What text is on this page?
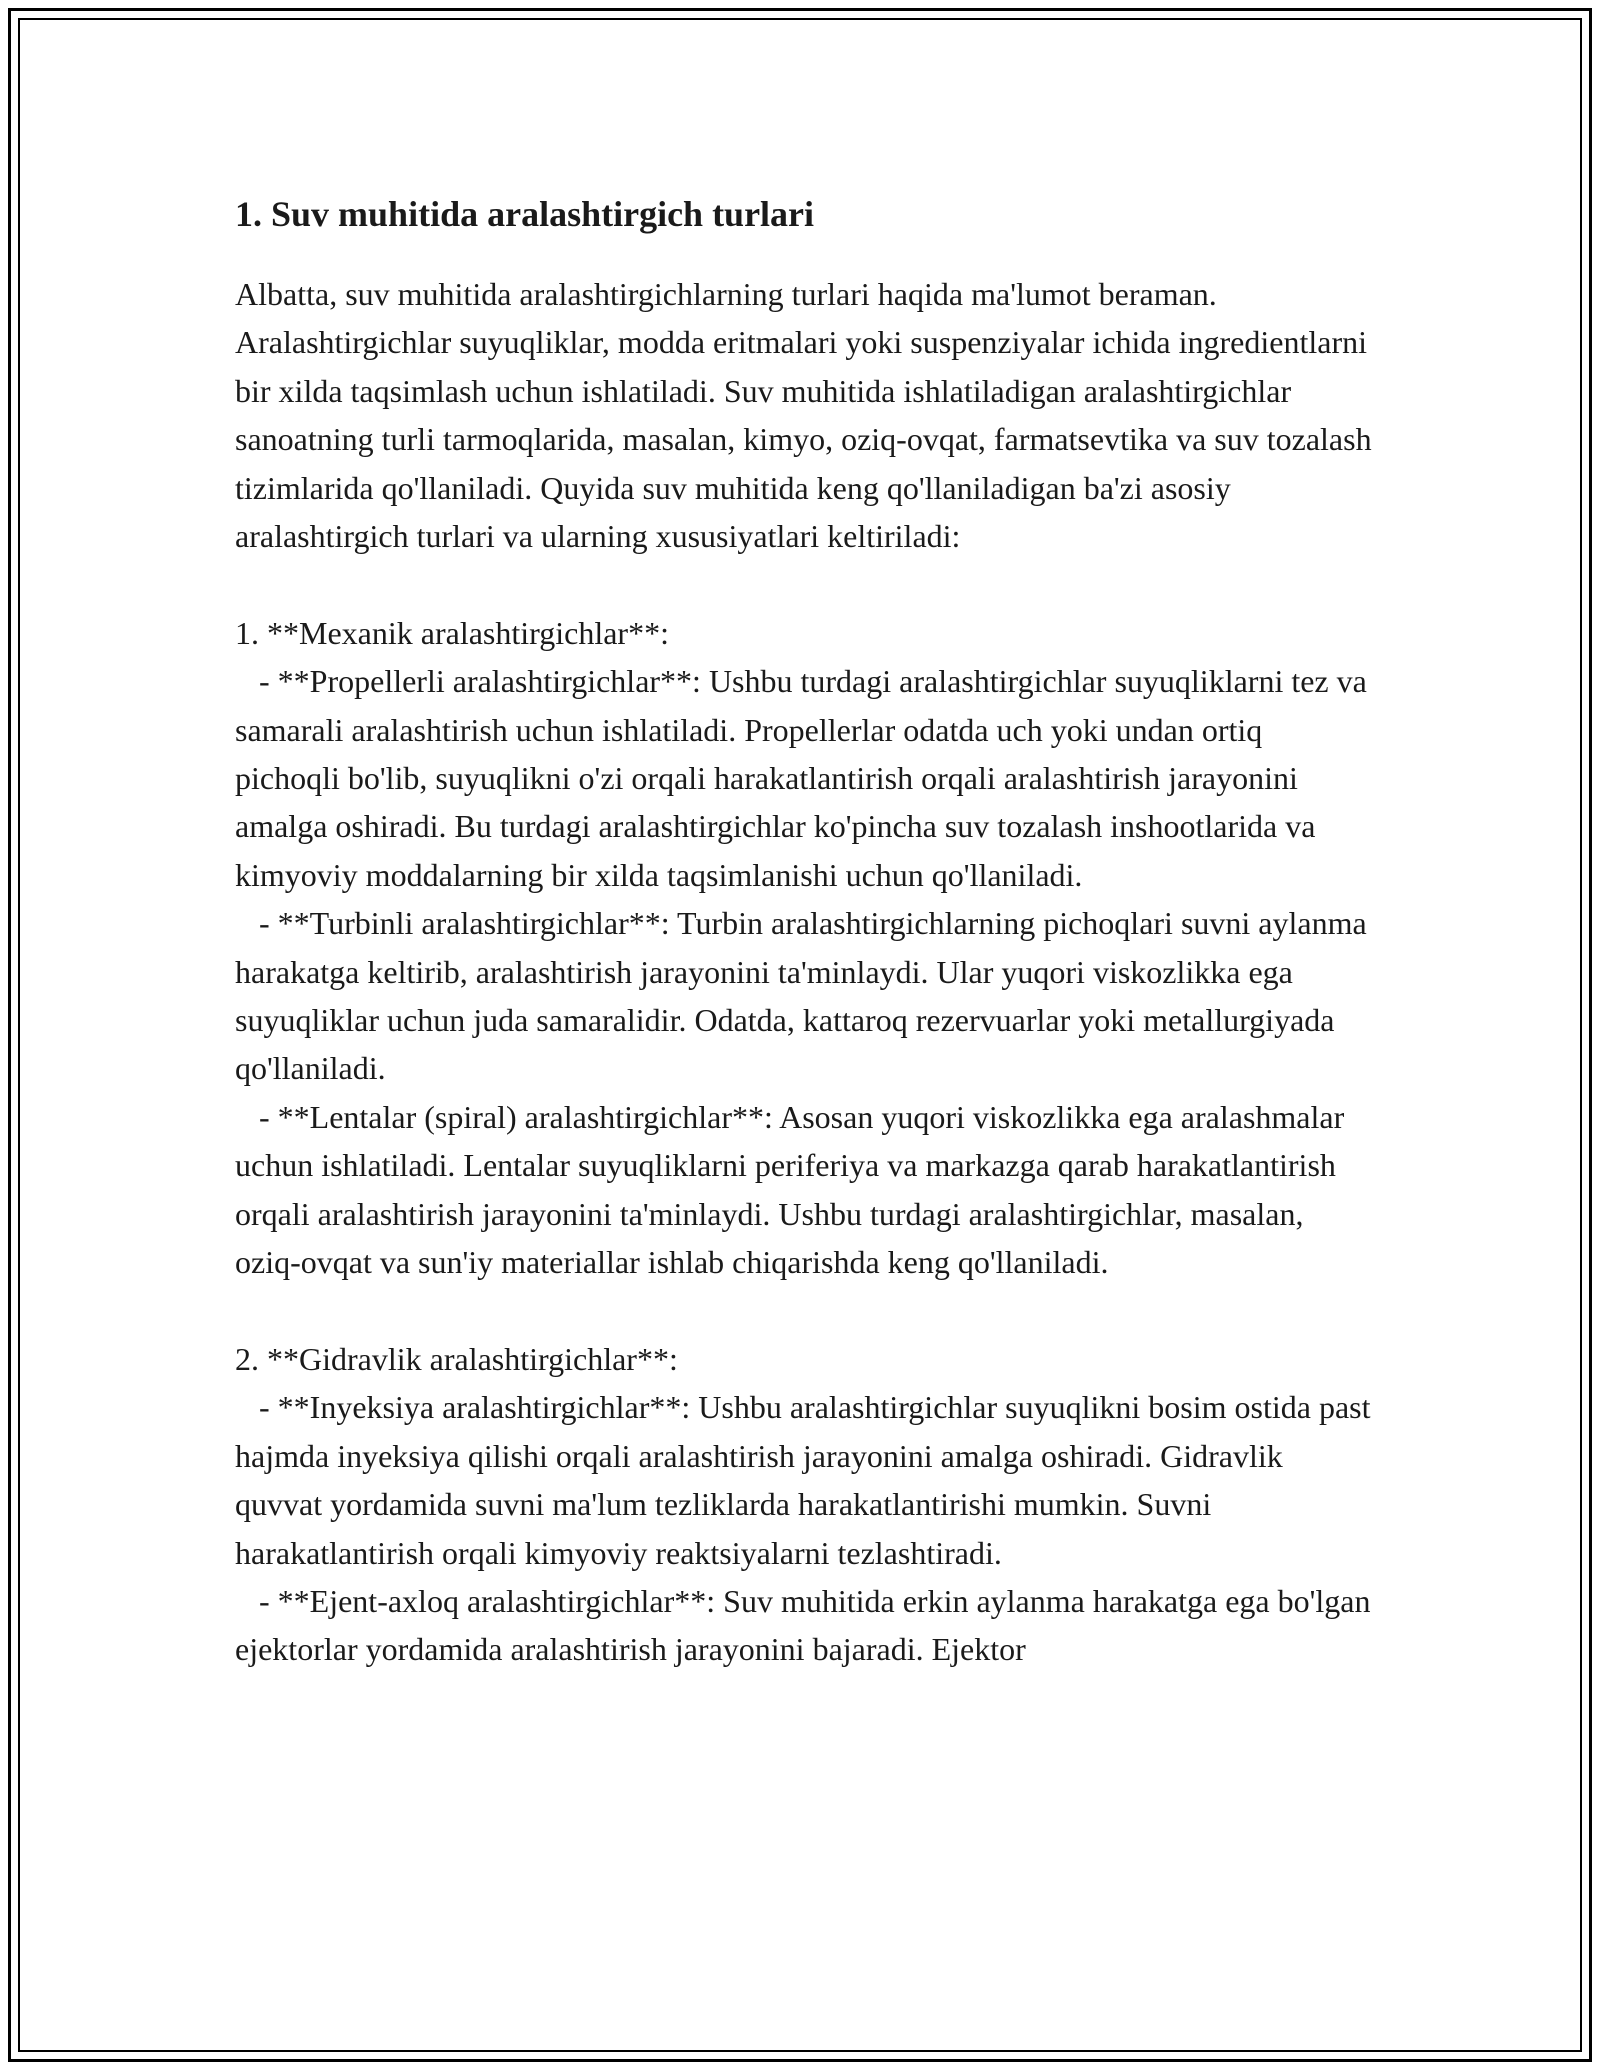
1. Suv muhitida aralashtirgich turlari

Albatta, suv muhitida aralashtirgichlarning turlari haqida ma'lumot beraman. Aralashtirgichlar suyuqliklar, modda eritmalari yoki suspenziyalar ichida ingredientlarni bir xilda taqsimlash uchun ishlatiladi. Suv muhitida ishlatiladigan aralashtirgichlar sanoatning turli tarmoqlarida, masalan, kimyo, oziq-ovqat, farmatsevtika va suv tozalash tizimlarida qo'llaniladi. Quyida suv muhitida keng qo'llaniladigan ba'zi asosiy aralashtirgich turlari va ularning xususiyatlari keltiriladi:

1. **Mexanik aralashtirgichlar**:

- **Propellerli aralashtirgichlar**: Ushbu turdagi aralashtirgichlar suyuqliklarni tez va samarali aralashtirish uchun ishlatiladi. Propellerlar odatda uch yoki undan ortiq pichoqli bo'lib, suyuqlikni o'zi orqali harakatlantirish orqali aralashtirish jarayonini amalga oshiradi. Bu turdagi aralashtirgichlar ko'pincha suv tozalash inshootlarida va kimyoviy moddalarning bir xilda taqsimlanishi uchun qo'llaniladi.

- **Turbinli aralashtirgichlar**: Turbin aralashtirgichlarning pichoqlari suvni aylanma harakatga keltirib, aralashtirish jarayonini ta'minlaydi. Ular yuqori viskozlikka ega suyuqliklar uchun juda samaralidir. Odatda, kattaroq rezervuarlar yoki metallurgiyada qo'llaniladi.

- **Lentalar (spiral) aralashtirgichlar**: Asosan yuqori viskozlikka ega aralashmalar uchun ishlatiladi. Lentalar suyuqliklarni periferiya va markazga qarab harakatlantirish orqali aralashtirish jarayonini ta'minlaydi. Ushbu turdagi aralashtirgichlar, masalan, oziq-ovqat va sun'iy materiallar ishlab chiqarishda keng qo'llaniladi.

2. **Gidravlik aralashtirgichlar**:

- **Inyeksiya aralashtirgichlar**: Ushbu aralashtirgichlar suyuqlikni bosim ostida past hajmda inyeksiya qilishi orqali aralashtirish jarayonini amalga oshiradi. Gidravlik quvvat yordamida suvni ma'lum tezliklarda harakatlantirishi mumkin. Suvni harakatlantirish orqali kimyoviy reaktsiyalarni tezlashtiradi.

- **Ejent-axloq aralashtirgichlar**: Suv muhitida erkin aylanma harakatga ega bo'lgan ejektorlar yordamida aralashtirish jarayonini bajaradi. Ejektor
